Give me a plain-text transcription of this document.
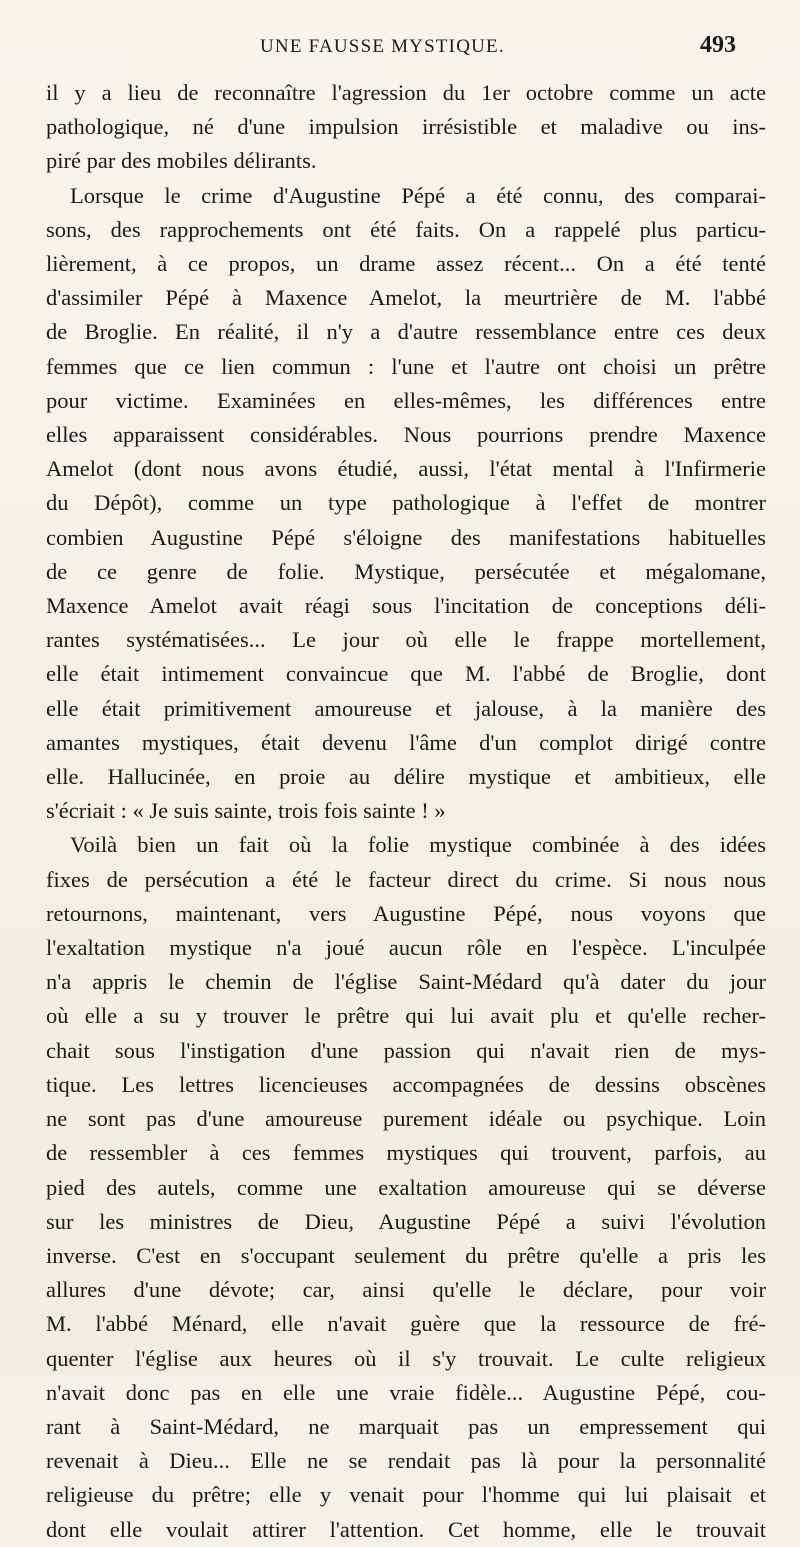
UNE FAUSSE MYSTIQUE.	493
il y a lieu de reconnaître l'agression du 1er octobre comme un acte
pathologique, né d'une impulsion irrésistible et maladive ou ins-
piré par des mobiles délirants.
Lorsque le crime d'Augustine Pépé a été connu, des comparai-
sons, des rapprochements ont été faits. On a rappelé plus particu-
lièrement, à ce propos, un drame assez récent... On a été tenté
d'assimiler Pépé à Maxence Amelot, la meurtrière de M. l'abbé
de Broglie. En réalité, il n'y a d'autre ressemblance entre ces deux
femmes que ce lien commun : l'une et l'autre ont choisi un prêtre
pour victime. Examinées en elles-mêmes, les différences entre
elles apparaissent considérables. Nous pourrions prendre Maxence
Amelot (dont nous avons étudié, aussi, l'état mental à l'Infirmerie
du Dépôt), comme un type pathologique à l'effet de montrer
combien Augustine Pépé s'éloigne des manifestations habituelles
de ce genre de folie. Mystique, persécutée et mégalomane,
Maxence Amelot avait réagi sous l'incitation de conceptions déli-
rantes systématisées... Le jour où elle le frappe mortellement,
elle était intimement convaincue que M. l'abbé de Broglie, dont
elle était primitivement amoureuse et jalouse, à la manière des
amantes mystiques, était devenu l'âme d'un complot dirigé contre
elle. Hallucinée, en proie au délire mystique et ambitieux, elle
s'écriait : « Je suis sainte, trois fois sainte ! »
Voilà bien un fait où la folie mystique combinée à des idées
fixes de persécution a été le facteur direct du crime. Si nous nous
retournons, maintenant, vers Augustine Pépé, nous voyons que
l'exaltation mystique n'a joué aucun rôle en l'espèce. L'inculpée
n'a appris le chemin de l'église Saint-Médard qu'à dater du jour
où elle a su y trouver le prêtre qui lui avait plu et qu'elle recher-
chait sous l'instigation d'une passion qui n'avait rien de mys-
tique. Les lettres licencieuses accompagnées de dessins obscènes
ne sont pas d'une amoureuse purement idéale ou psychique. Loin
de ressembler à ces femmes mystiques qui trouvent, parfois, au
pied des autels, comme une exaltation amoureuse qui se déverse
sur les ministres de Dieu, Augustine Pépé a suivi l'évolution
inverse. C'est en s'occupant seulement du prêtre qu'elle a pris les
allures d'une dévote; car, ainsi qu'elle le déclare, pour voir
M. l'abbé Ménard, elle n'avait guère que la ressource de fré-
quenter l'église aux heures où il s'y trouvait. Le culte religieux
n'avait donc pas en elle une vraie fidèle... Augustine Pépé, cou-
rant à Saint-Médard, ne marquait pas un empressement qui
revenait à Dieu... Elle ne se rendait pas là pour la personnalité
religieuse du prêtre; elle y venait pour l'homme qui lui plaisait et
dont elle voulait attirer l'attention. Cet homme, elle le trouvait
